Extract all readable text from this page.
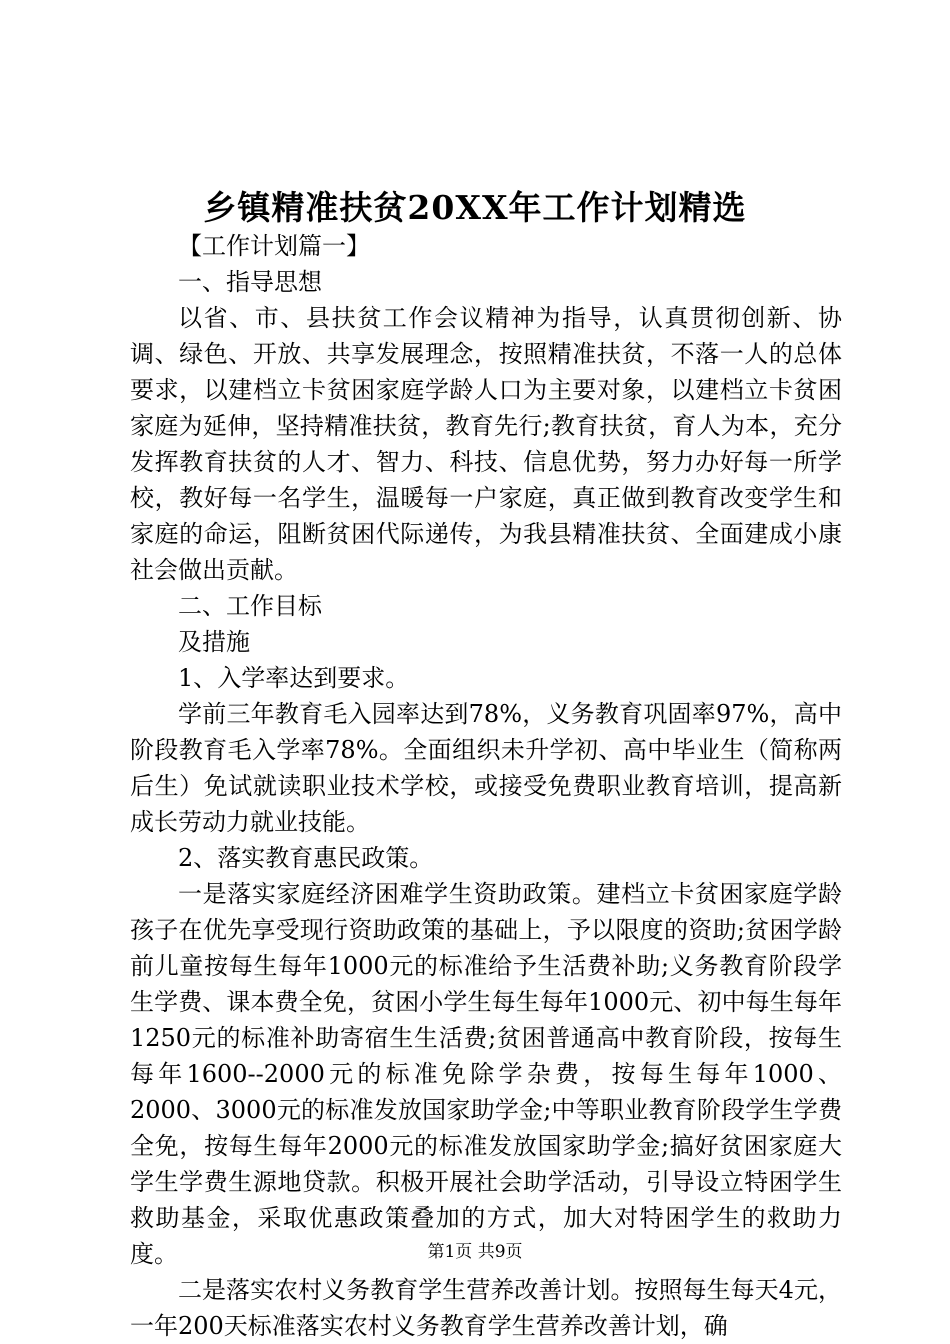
乡镇精准扶贫20XX年工作计划精选

【工作计划篇一】

一、指导思想

以省、市、县扶贫工作会议精神为指导，认真贯彻创新、协调、绿色、开放、共享发展理念，按照精准扶贫，不落一人的总体要求，以建档立卡贫困家庭学龄人口为主要对象，以建档立卡贫困家庭为延伸，坚持精准扶贫，教育先行;教育扶贫，育人为本，充分发挥教育扶贫的人才、智力、科技、信息优势，努力办好每一所学校，教好每一名学生，温暖每一户家庭，真正做到教育改变学生和家庭的命运，阻断贫困代际递传，为我县精准扶贫、全面建成小康社会做出贡献。

二、工作目标

及措施

1、入学率达到要求。

学前三年教育毛入园率达到78%，义务教育巩固率97%，高中阶段教育毛入学率78%。全面组织未升学初、高中毕业生（简称两后生）免试就读职业技术学校，或接受免费职业教育培训，提高新成长劳动力就业技能。

2、落实教育惠民政策。

一是落实家庭经济困难学生资助政策。建档立卡贫困家庭学龄孩子在优先享受现行资助政策的基础上，予以限度的资助;贫困学龄前儿童按每生每年1000元的标准给予生活费补助;义务教育阶段学生学费、课本费全免，贫困小学生每生每年1000元、初中每生每年1250元的标准补助寄宿生生活费;贫困普通高中教育阶段，按每生每年1600--2000元的标准免除学杂费，按每生每年1000、2000、3000元的标准发放国家助学金;中等职业教育阶段学生学费全免，按每生每年2000元的标准发放国家助学金;搞好贫困家庭大学生学费生源地贷款。积极开展社会助学活动，引导设立特困学生救助基金，采取优惠政策叠加的方式，加大对特困学生的救助力度。

二是落实农村义务教育学生营养改善计划。按照每生每天4元，一年200天标准落实农村义务教育学生营养改善计划，确

第1页 共9页
